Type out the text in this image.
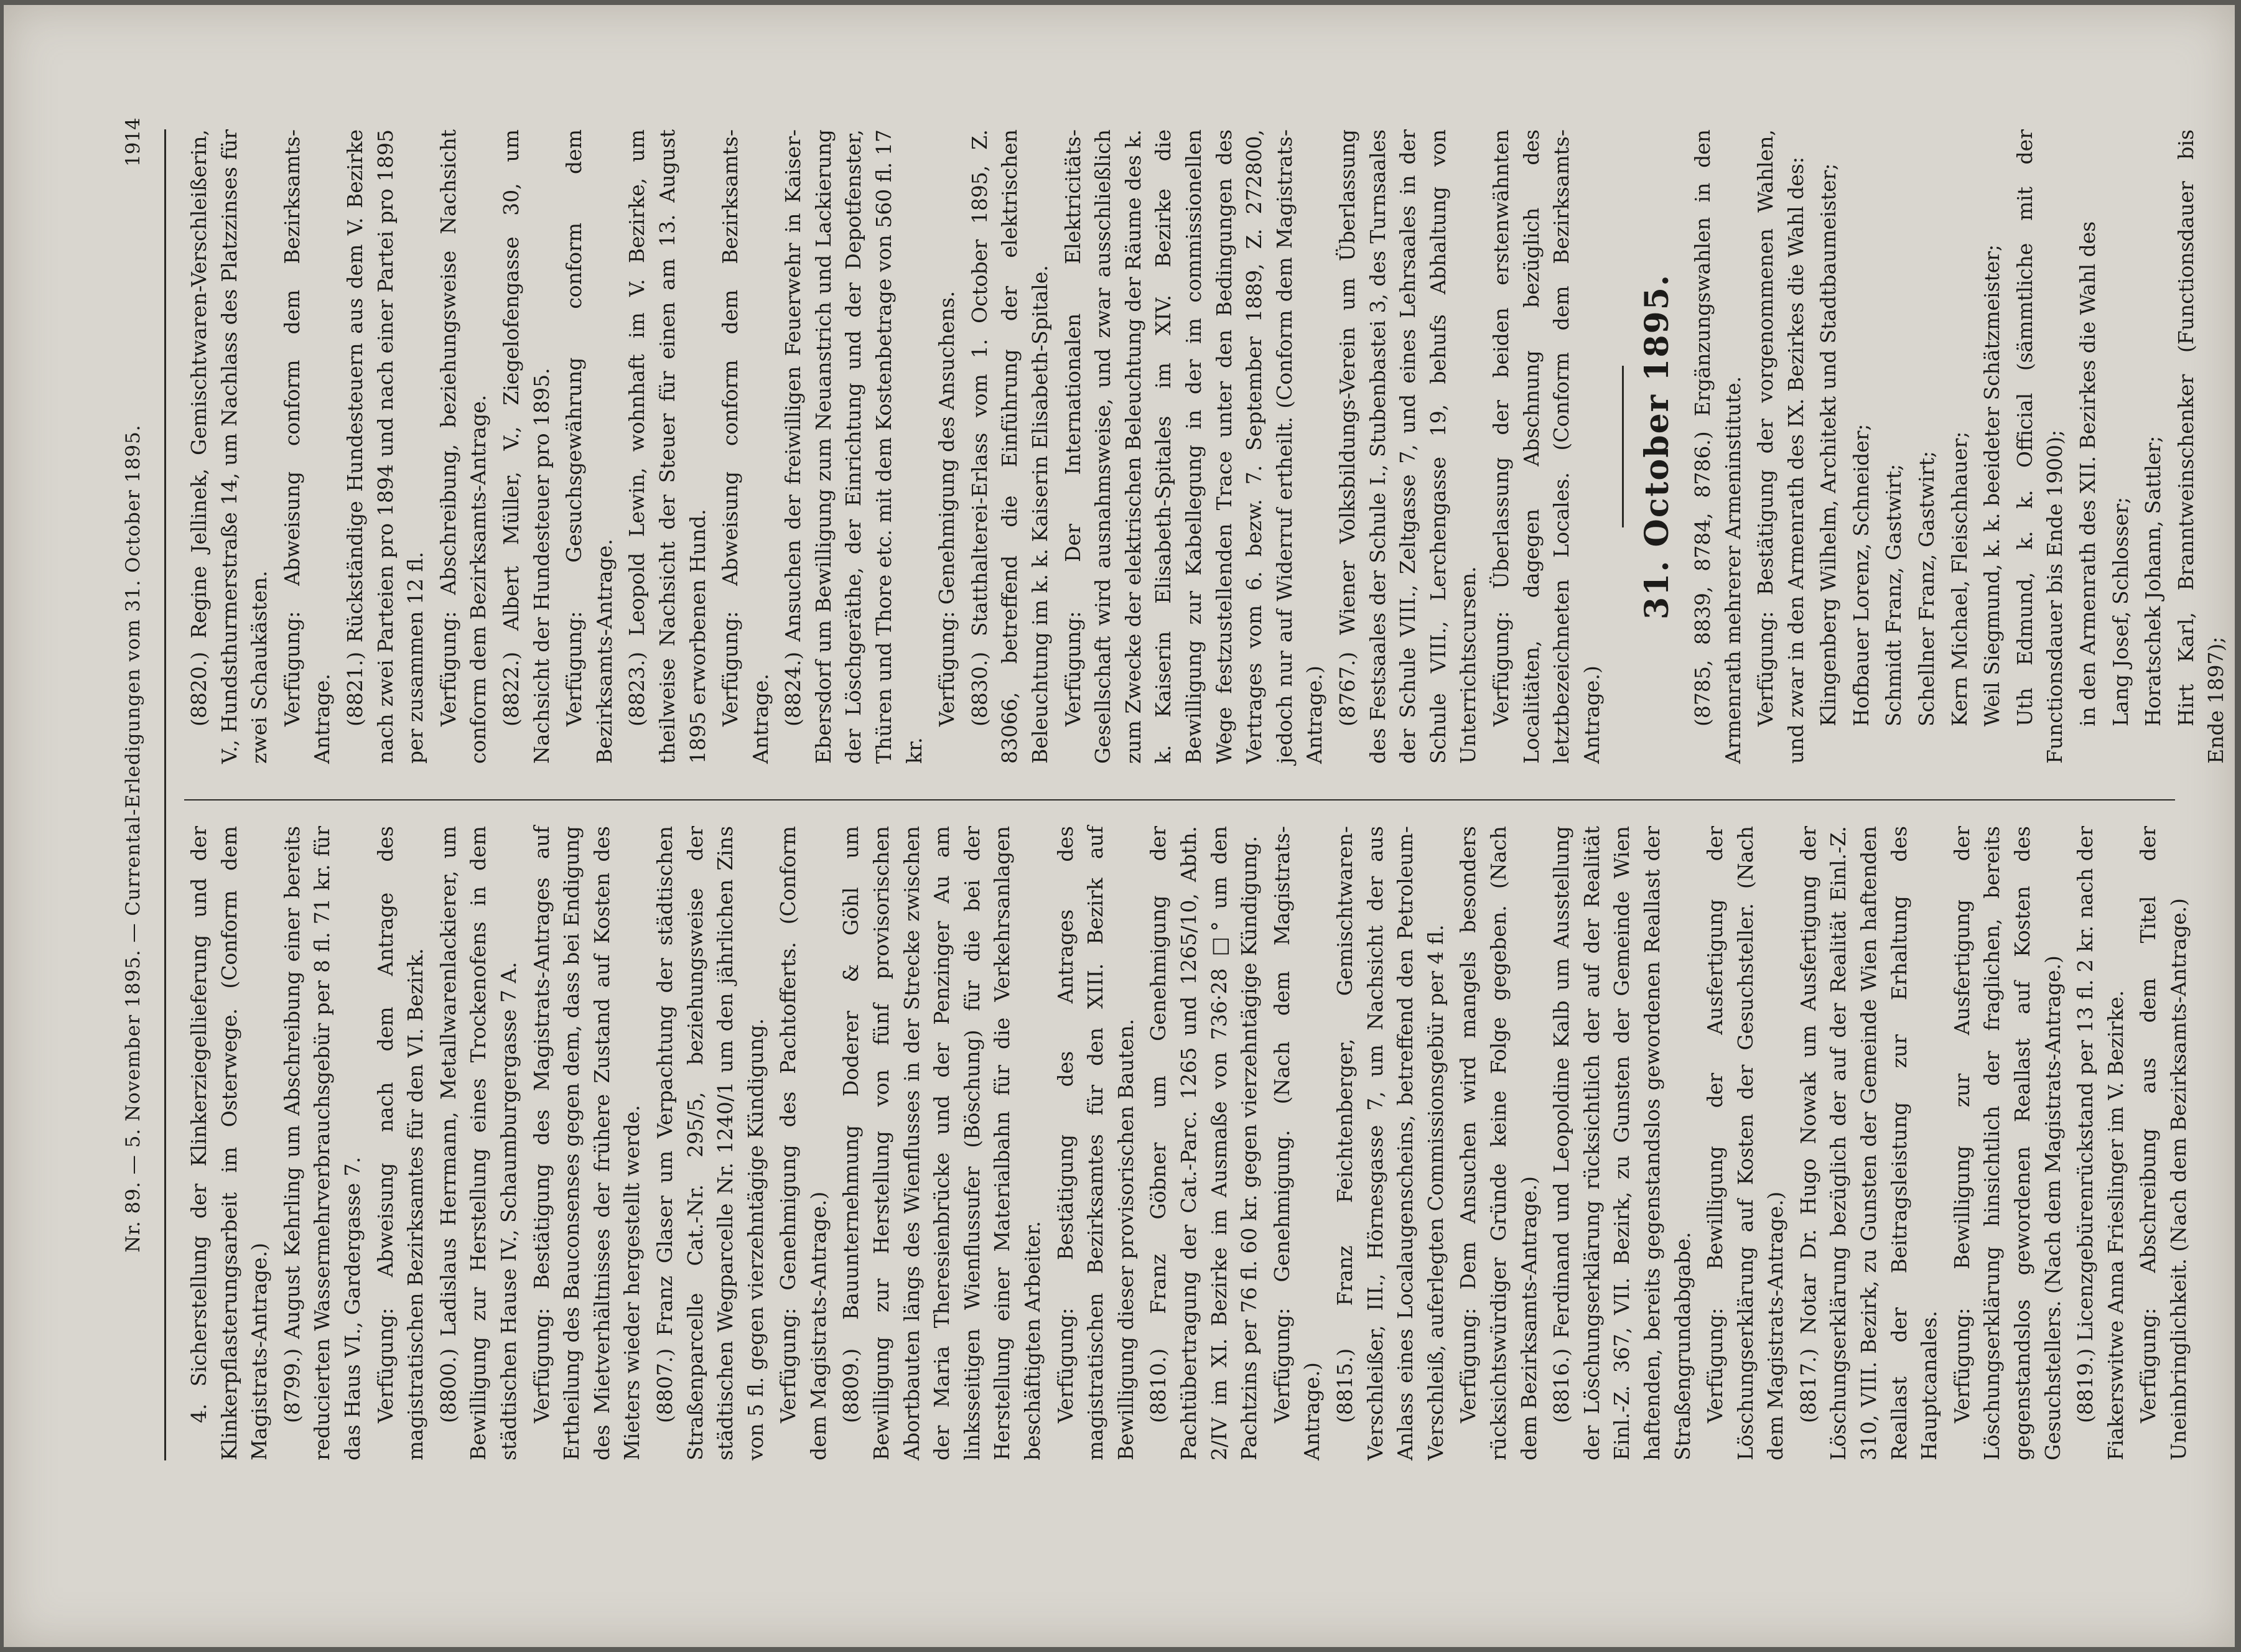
Nr. 89. — 5. November 1895. — Currental-Erledigungen vom 31. October 1895.
1914

4. Sicherstellung der Klinkerziegellieferung und der Klinkerpflasterungsarbeit im Osterwege. (Conform dem Magistrats-Antrage.) (8799.) August Kehrling um Abschreibung einer bereits reducierten Wassermehrverbrauchsgebür per 8 fl. 71 kr. für das Haus VI., Gardergasse 7. Verfügung: Abweisung nach dem Antrage des magistratischen Bezirksamtes für den VI. Bezirk. (8800.) Ladislaus Herrmann, Metallwarenlackierer, um Bewilligung zur Herstellung eines Trockenofens in dem städtischen Hause IV., Schaumburgergasse 7 A. Verfügung: Bestätigung des Magistrats-Antrages auf Ertheilung des Bauconsenses gegen dem, dass bei Endigung des Mietverhältnisses der frühere Zustand auf Kosten des Mieters wieder hergestellt werde. (8807.) Franz Glaser um Verpachtung der städtischen Straßenparcelle Cat.-Nr. 295/5, beziehungsweise der städtischen Wegparcelle Nr. 1240/1 um den jährlichen Zins von 5 fl. gegen vierzehntägige Kündigung. Verfügung: Genehmigung des Pachtofferts. (Conform dem Magistrats-Antrage.) (8809.) Bauunternehmung Doderer & Göhl um Bewilligung zur Herstellung von fünf provisorischen Abortbauten längs des Wienflusses in der Strecke zwischen der Maria Theresienbrücke und der Penzinger Au am linksseitigen Wienflussufer (Böschung) für die bei der Herstellung einer Materialbahn für die Verkehrsanlagen beschäftigten Arbeiter. Verfügung: Bestätigung des Antrages des magistratischen Bezirksamtes für den XIII. Bezirk auf Bewilligung dieser provisorischen Bauten. (8810.) Franz Göbner um Genehmigung der Pachtübertragung der Cat.-Parc. 1265 und 1265/10, Abth. 2/IV im XI. Bezirke im Ausmaße von 736·28 □° um den Pachtzins per 76 fl. 60 kr. gegen vierzehntägige Kündigung. Verfügung: Genehmigung. (Nach dem Magistrats-Antrage.) (8815.) Franz Feichtenberger, Gemischtwaren-Verschleißer, III., Hörnesgasse 7, um Nachsicht der aus Anlass eines Localaugenscheins, betreffend den Petroleum-Verschleiß, auferlegten Commissionsgebür per 4 fl. Verfügung: Dem Ansuchen wird mangels besonders rücksichtswürdiger Gründe keine Folge gegeben. (Nach dem Bezirksamts-Antrage.) (8816.) Ferdinand und Leopoldine Kalb um Ausstellung der Löschungserklärung rücksichtlich der auf der Realität Einl.-Z. 367, VII. Bezirk, zu Gunsten der Gemeinde Wien haftenden, bereits gegenstandslos gewordenen Reallast der Straßengrundabgabe. Verfügung: Bewilligung der Ausfertigung der Löschungserklärung auf Kosten der Gesuchsteller. (Nach dem Magistrats-Antrage.) (8817.) Notar Dr. Hugo Nowak um Ausfertigung der Löschungserklärung bezüglich der auf der Realität Einl.-Z. 310, VIII. Bezirk, zu Gunsten der Gemeinde Wien haftenden Reallast der Beitragsleistung zur Erhaltung des Hauptcanales. Verfügung: Bewilligung zur Ausfertigung der Löschungserklärung hinsichtlich der fraglichen, bereits gegenstandslos gewordenen Reallast auf Kosten des Gesuchstellers. (Nach dem Magistrats-Antrage.) (8819.) Licenzgebürenrückstand per 13 fl. 2 kr. nach der Fiakerswitwe Anna Frieslinger im V. Bezirke. Verfügung: Abschreibung aus dem Titel der Uneinbringlichkeit. (Nach dem Bezirksamts-Antrage.)

(8820.) Regine Jellinek, Gemischtwaren-Verschleißerin, V., Hundsthurmerstraße 14, um Nachlass des Platzzinses für zwei Schaukästen. Verfügung: Abweisung conform dem Bezirksamts-Antrage. (8821.) Rückständige Hundesteuern aus dem V. Bezirke nach zwei Parteien pro 1894 und nach einer Partei pro 1895 per zusammen 12 fl. Verfügung: Abschreibung, beziehungsweise Nachsicht conform dem Bezirksamts-Antrage. (8822.) Albert Müller, V., Ziegelofengasse 30, um Nachsicht der Hundesteuer pro 1895. Verfügung: Gesuchsgewährung conform dem Bezirksamts-Antrage. (8823.) Leopold Lewin, wohnhaft im V. Bezirke, um theilweise Nachsicht der Steuer für einen am 13. August 1895 erworbenen Hund. Verfügung: Abweisung conform dem Bezirksamts-Antrage. (8824.) Ansuchen der freiwilligen Feuerwehr in Kaiser-Ebersdorf um Bewilligung zum Neuanstrich und Lackierung der Löschgeräthe, der Einrichtung und der Depotfenster, Thüren und Thore etc. mit dem Kostenbetrage von 560 fl. 17 kr.

Verfügung: Genehmigung des Ansuchens. (8830.) Statthalterei-Erlass vom 1. October 1895, Z. 83066, betreffend die Einführung der elektrischen Beleuchtung im k. k. Kaiserin Elisabeth-Spitale. Verfügung: Der Internationalen Elektricitäts-Gesellschaft wird ausnahmsweise, und zwar ausschließlich zum Zwecke der elektrischen Beleuchtung der Räume des k. k. Kaiserin Elisabeth-Spitales im XIV. Bezirke die Bewilligung zur Kabellegung in der im commissionellen Wege festzustellenden Trace unter den Bedingungen des Vertrages vom 6. bezw. 7. September 1889, Z. 272800, jedoch nur auf Widerruf ertheilt. (Conform dem Magistrats-Antrage.) (8767.) Wiener Volksbildungs-Verein um Überlassung des Festsaales der Schule I., Stubenbastei 3, des Turnsaales der Schule VIII., Zeltgasse 7, und eines Lehrsaales in der Schule VIII., Lerchengasse 19, behufs Abhaltung von Unterrichtscursen. Verfügung: Überlassung der beiden erstenwähnten Localitäten, dagegen Abschnung bezüglich des letztbezeichneten Locales. (Conform dem Bezirksamts-Antrage.)

31. October 1895. (8785, 8839, 8784, 8786.) Ergänzungswahlen in den Armenrath mehrerer Armeninstitute. Verfügung: Bestätigung der vorgenommenen Wahlen, und zwar in den Armenrath des IX. Bezirkes die Wahl des: Klingenberg Wilhelm, Architekt und Stadtbaumeister; Hofbauer Lorenz, Schneider; Schmidt Franz, Gastwirt; Schellner Franz, Gastwirt; Kern Michael, Fleischhauer; Weil Siegmund, k. k. beeideter Schätzmeister; Uth Edmund, k. k. Official (sämmtliche mit der Functionsdauer bis Ende 1900); in den Armenrath des XII. Bezirkes die Wahl des Lang Josef, Schlosser; Horatschek Johann, Sattler; Hirt Karl, Branntweinschenker (Functionsdauer bis Ende 1897);
